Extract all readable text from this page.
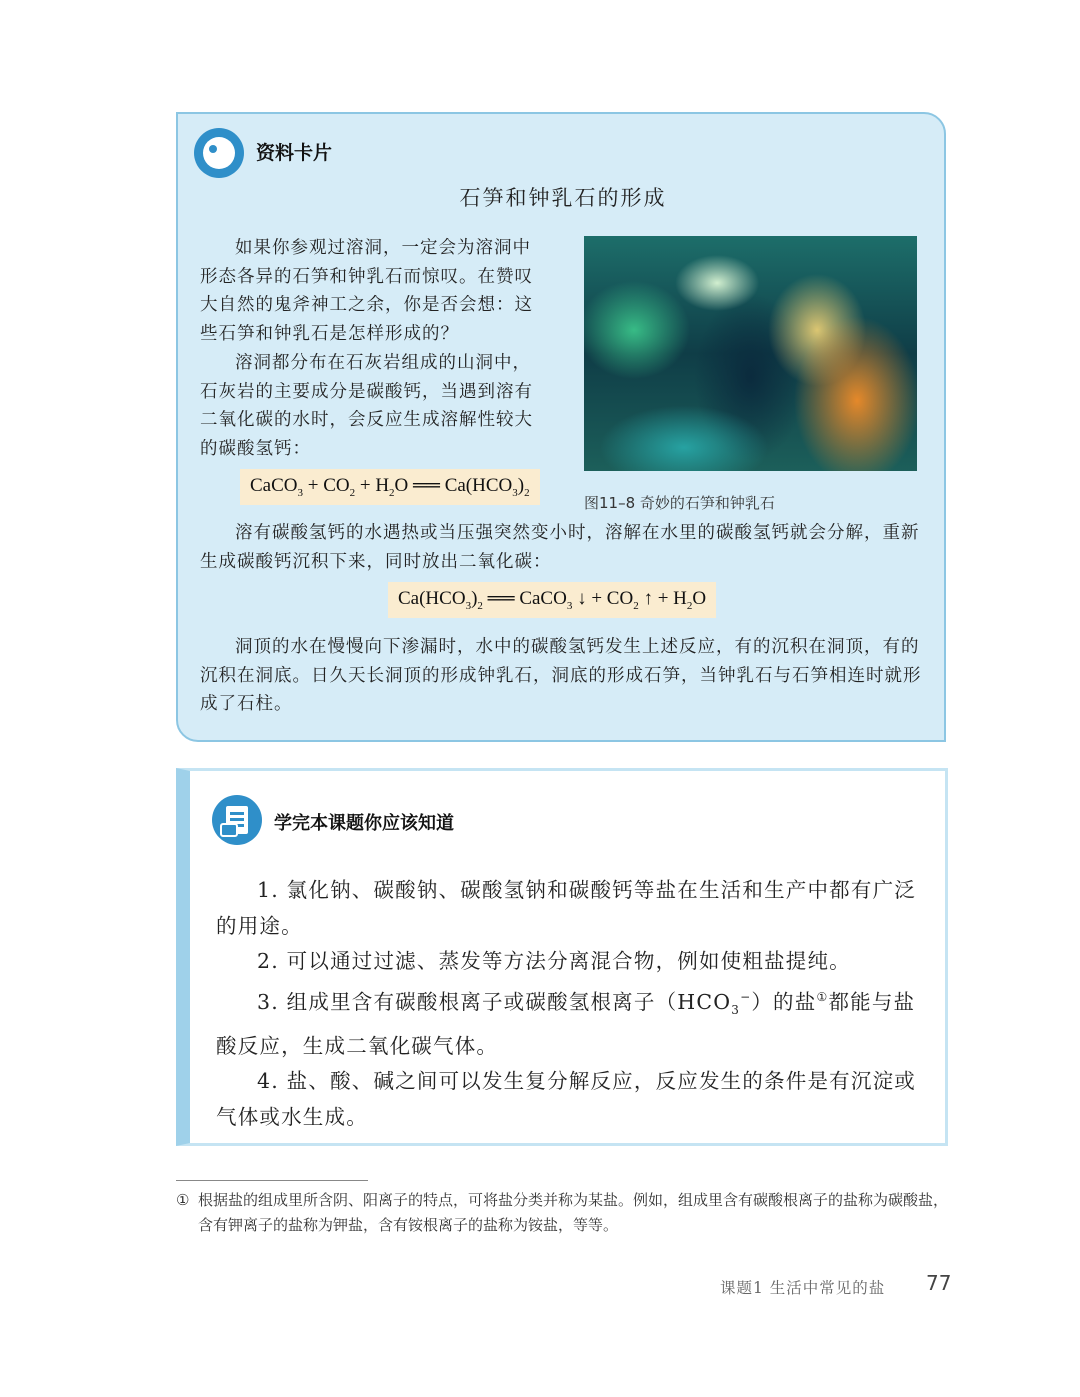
资料卡片
石笋和钟乳石的形成

如果你参观过溶洞，一定会为溶洞中形态各异的石笋和钟乳石而惊叹。在赞叹大自然的鬼斧神工之余，你是否会想：这些石笋和钟乳石是怎样形成的？

溶洞都分布在石灰岩组成的山洞中，石灰岩的主要成分是碳酸钙，当遇到溶有二氧化碳的水时，会反应生成溶解性较大的碳酸氢钙：

CaCO$_3$ + $CO_2 + H_2O$ ══ $Ca(HCO_3)_2$
图11–8 奇妙的石笋和钟乳石

溶有碳酸氢钙的水遇热或当压强突然变小时，溶解在水里的碳酸氢钙就会分解，重新生成碳酸钙沉积下来，同时放出二氧化碳：

$Ca(HCO_3)_2$ ══ CaCO$_3$ ↓ + $CO_2$ ↑ + $H_2O$

洞顶的水在慢慢向下渗漏时，水中的碳酸氢钙发生上述反应，有的沉积在洞顶，有的沉积在洞底。日久天长洞顶的形成钟乳石，洞底的形成石笋，当钟乳石与石笋相连时就形成了石柱。

学完本课题你应该知道

1. 氯化钠、碳酸钠、碳酸氢钠和碳酸钙等盐在生活和生产中都有广泛的用途。

2. 可以通过过滤、蒸发等方法分离混合物，例如使粗盐提纯。

3. 组成里含有碳酸根离子或碳酸氢根离子$(HCO_3^-)$的盐①都能与盐酸反应，生成二氧化碳气体。

4. 盐、酸、碱之间可以发生复分解反应，反应发生的条件是有沉淀或气体或水生成。

① 根据盐的组成里所含阴、阳离子的特点，可将盐分类并称为某盐。例如，组成里含有碳酸根离子的盐称为碳酸盐，含有钾离子的盐称为钾盐，含有铵根离子的盐称为铵盐，等等。
课题1 生活中常见的盐 77
